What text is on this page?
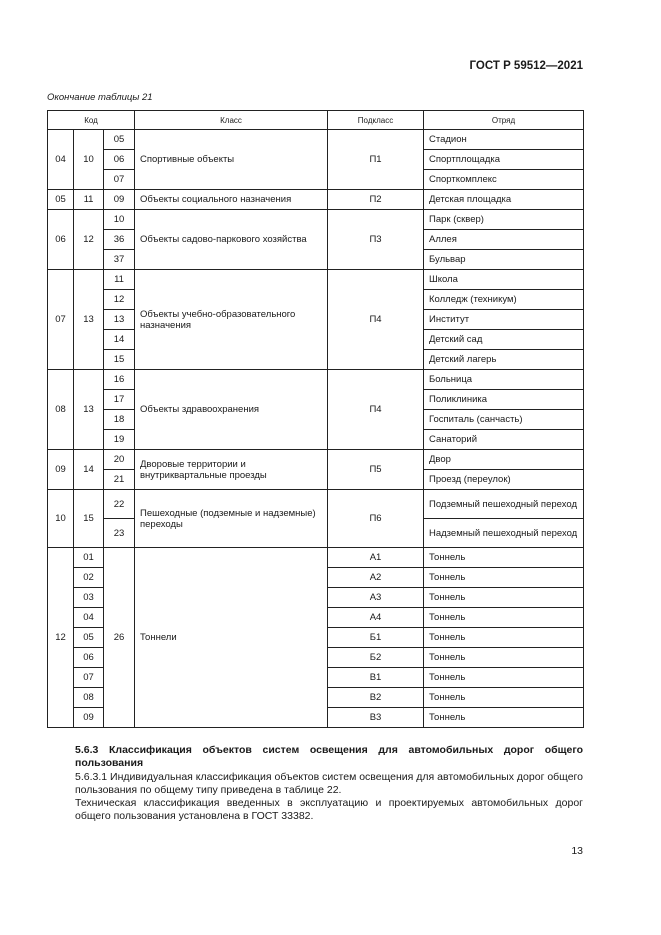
ГОСТ Р 59512—2021
Окончание таблицы 21
Код			Класс	Подкласс	Отряд
04	10	05	Спортивные объекты	П1	Стадион
		06			Спортплощадка
		07			Спорткомплекс
05	11	09	Объекты социального назначения	П2	Детская площадка
06	12	10	Объекты садово-паркового хозяйства	П3	Парк (сквер)
		36			Аллея
		37			Бульвар
07	13	11	Объекты учебно-образовательного назначения	П4	Школа
		12			Колледж (техникум)
		13			Институт
		14			Детский сад
		15			Детский лагерь
08	13	16	Объекты здравоохранения	П4	Больница
		17			Поликлиника
		18			Госпиталь (санчасть)
		19			Санаторий
09	14	20	Дворовые территории и внутриквартальные проезды	П5	Двор
		21			Проезд (переулок)
10	15	22	Пешеходные (подземные и надземные) переходы	П6	Подземный пешеходный переход
		23			Надземный пешеходный переход
12	01	26	Тоннели	А1	Тоннель
	02			А2	Тоннель
	03			А3	Тоннель
	04			А4	Тоннель
	05			Б1	Тоннель
	06			Б2	Тоннель
	07			В1	Тоннель
	08			В2	Тоннель
	09			В3	Тоннель
5.6.3 Классификация объектов систем освещения для автомобильных дорог общего пользования
5.6.3.1 Индивидуальная классификация объектов систем освещения для автомобильных дорог общего пользования по общему типу приведена в таблице 22.
Техническая классификация введенных в эксплуатацию и проектируемых автомобильных дорог общего пользования установлена в ГОСТ 33382.
13
